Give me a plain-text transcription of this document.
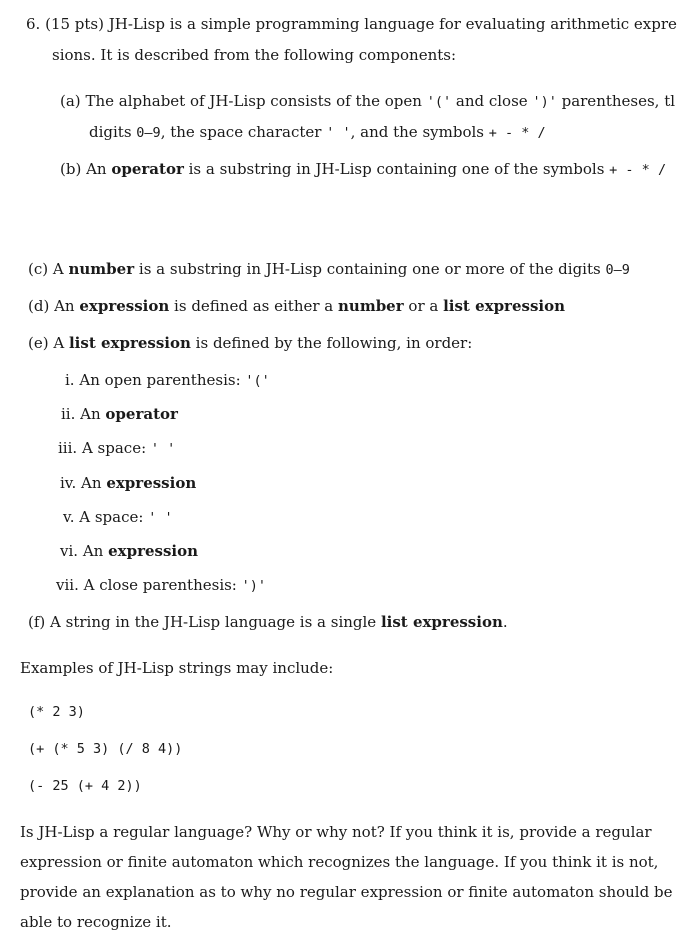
6. (15 pts) JH-Lisp is a simple programming language for evaluating arithmetic expre
sions. It is described from the following components:
(a) The alphabet of JH-Lisp consists of the open '(' and close ')' parentheses, tl
digits 0–9, the space character ' ', and the symbols + - * /
(b) An operator is a substring in JH-Lisp containing one of the symbols + - * /
(c) A number is a substring in JH-Lisp containing one or more of the digits 0–9
(d) An expression is defined as either a number or a list expression
(e) A list expression is defined by the following, in order:
i. An open parenthesis: '('
ii. An operator
iii. A space: ' '
iv. An expression
v. A space: ' '
vi. An expression
vii. A close parenthesis: ')'
(f) A string in the JH-Lisp language is a single list expression.
Examples of JH-Lisp strings may include:
(* 2 3)
(+ (* 5 3) (/ 8 4))
(- 25 (+ 4 2))
Is JH-Lisp a regular language? Why or why not? If you think it is, provide a regular
expression or finite automaton which recognizes the language. If you think it is not,
provide an explanation as to why no regular expression or finite automaton should be
able to recognize it.
